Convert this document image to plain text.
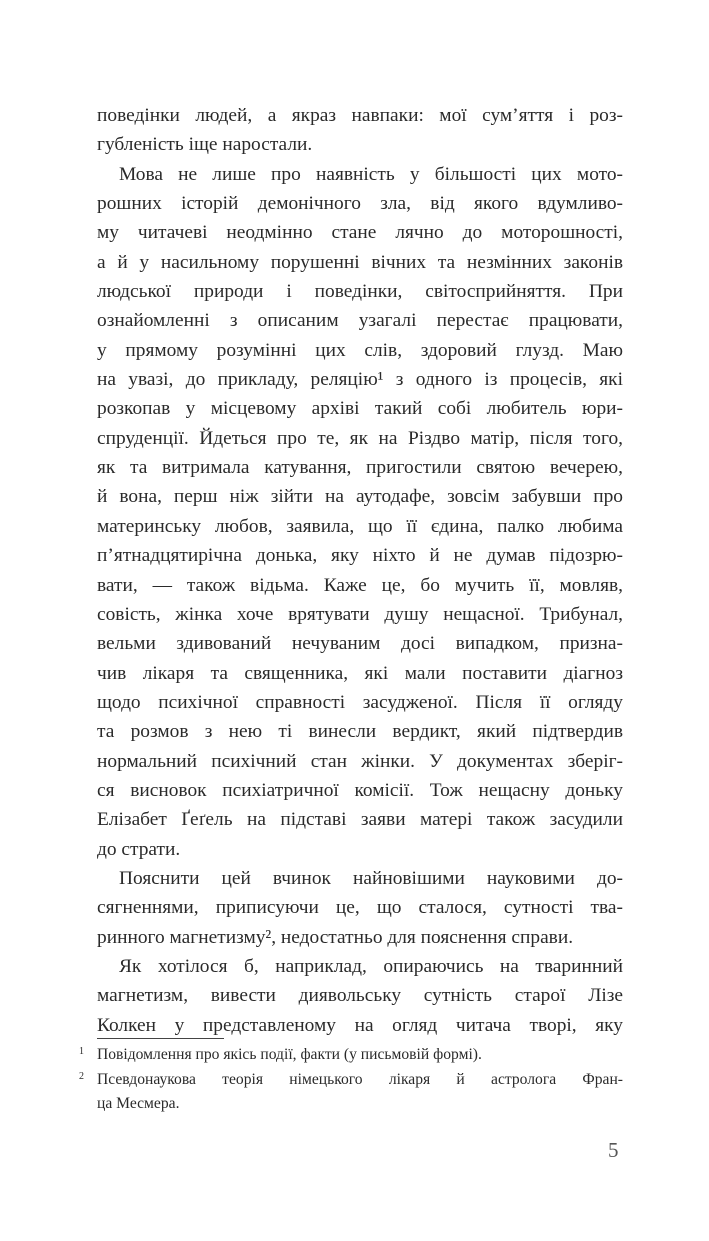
поведінки людей, а якраз навпаки: мої сум’яття і роз-
губленість іще наростали.
Мова не лише про наявність у більшості цих мото-
рошних історій демонічного зла, від якого вдумливо-
му читачеві неодмінно стане лячно до моторошності,
а й у насильному порушенні вічних та незмінних законів
людської природи і поведінки, світосприйняття. При
ознайомленні з описаним узагалі перестає працювати,
у прямому розумінні цих слів, здоровий глузд. Маю
на увазі, до прикладу, реляцію¹ з одного із процесів, які
розкопав у місцевому архіві такий собі любитель юри-
спруденції. Йдеться про те, як на Різдво матір, після того,
як та витримала катування, пригостили святою вечерею,
й вона, перш ніж зійти на аутодафе, зовсім забувши про
материнську любов, заявила, що її єдина, палко любима
п’ятнадцятирічна донька, яку ніхто й не думав підозрю-
вати, — також відьма. Каже це, бо мучить її, мовляв,
совість, жінка хоче врятувати душу нещасної. Трибунал,
вельми здивований нечуваним досі випадком, призна-
чив лікаря та священника, які мали поставити діагноз
щодо психічної справності засудженої. Після її огляду
та розмов з нею ті винесли вердикт, який підтвердив
нормальний психічний стан жінки. У документах зберіг-
ся висновок психіатричної комісії. Тож нещасну доньку
Елізабет Ґеґель на підставі заяви матері також засудили
до страти.
Пояснити цей вчинок найновішими науковими до-
сягненнями, приписуючи це, що сталося, сутності тва-
ринного магнетизму², недостатньо для пояснення справи.
Як хотілося б, наприклад, опираючись на тваринний
магнетизм, вивести диявольську сутність старої Лізе
Колкен у представленому на огляд читача творі, яку
1 Повідомлення про якісь події, факти (у письмовій формі).
2 Псевдонаукова теорія німецького лікаря й астролога Фран-
ца Месмера.
5
